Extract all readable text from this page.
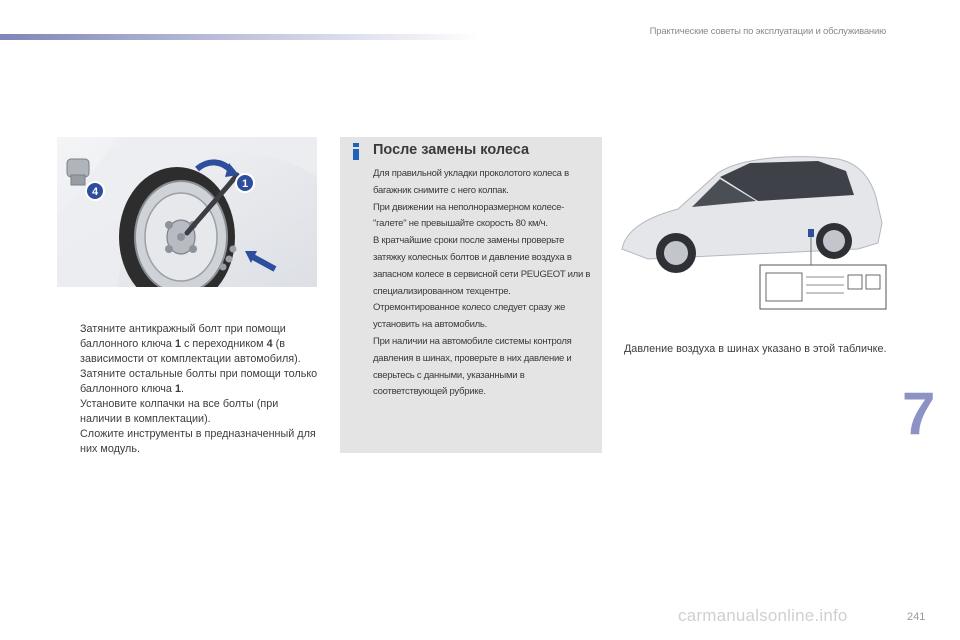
Практические советы по эксплуатации и обслуживанию
1
4
Затяните антикражный болт при помощи баллонного ключа 1 с переходником 4 (в зависимости от комплектации автомобиля).
Затяните остальные болты при помощи только баллонного ключа 1.
Установите колпачки на все болты (при наличии в комплектации).
Сложите инструменты в предназначенный для них модуль.
После замены колеса
Для правильной укладки проколотого колеса в багажник снимите с него колпак.
При движении на неполноразмерном колесе-"галете" не превышайте скорость 80 км/ч.
В кратчайшие сроки после замены проверьте затяжку колесных болтов и давление воздуха в запасном колесе в сервисной сети PEUGEOT или в специализированном техцентре.
Отремонтированное колесо следует сразу же установить на автомобиль.
При наличии на автомобиле системы контроля давления в шинах, проверьте в них давление и сверьтесь с данными, указанными в соответствующей рубрике.
Давление воздуха в шинах указано в этой табличке.
7
carmanualsonline.info	241
